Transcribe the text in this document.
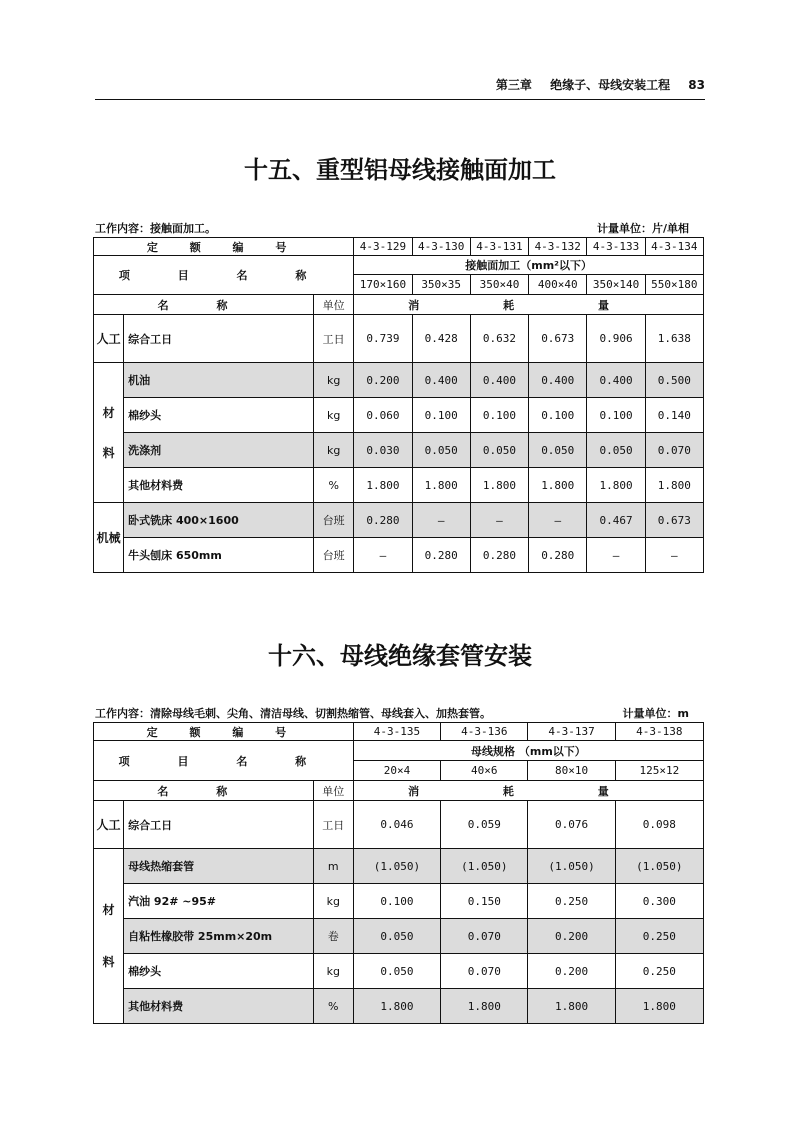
第三章 绝缘子、母线安装工程 83
十五、重型铝母线接触面加工
工作内容：接触面加工。	计量单位：片/单相
定 额 编 号			4-3-129	4-3-130	4-3-131	4-3-132	4-3-133	4-3-134
项 目 名 称			接触面加工（mm²以下）					
			170×160	350×35	350×40	400×40	350×140	550×180
名 称		单位	消 耗 量					
人工	综合工日	工日	0.739	0.428	0.632	0.673	0.906	1.638

材
料	机油	kg	0.200	0.400	0.400	0.400	0.400	0.500
	棉纱头	kg	0.060	0.100	0.100	0.100	0.100	0.140
	洗涤剂	kg	0.030	0.050	0.050	0.050	0.050	0.070
	其他材料费	%	1.800	1.800	1.800	1.800	1.800	1.800
机械	卧式铣床 400×1600	台班	0.280	—	—	—	0.467	0.673
	牛头刨床 650mm	台班	—	0.280	0.280	0.280	—	—
十六、母线绝缘套管安装
工作内容：清除母线毛刺、尖角、清洁母线、切割热缩管、母线套入、加热套管。	计量单位：m
定 额 编 号			4-3-135	4-3-136	4-3-137	4-3-138
项 目 名 称			母线规格 （mm以下）			
			20×4	40×6	80×10	125×12
名 称		单位	消 耗 量			
人工	综合工日	工日	0.046	0.059	0.076	0.098

材
料	母线热缩套管	m	(1.050)	(1.050)	(1.050)	(1.050)
	汽油 92# ~95#	kg	0.100	0.150	0.250	0.300
	自粘性橡胶带 25mm×20m	卷	0.050	0.070	0.200	0.250
	棉纱头	kg	0.050	0.070	0.200	0.250
	其他材料费	%	1.800	1.800	1.800	1.800
